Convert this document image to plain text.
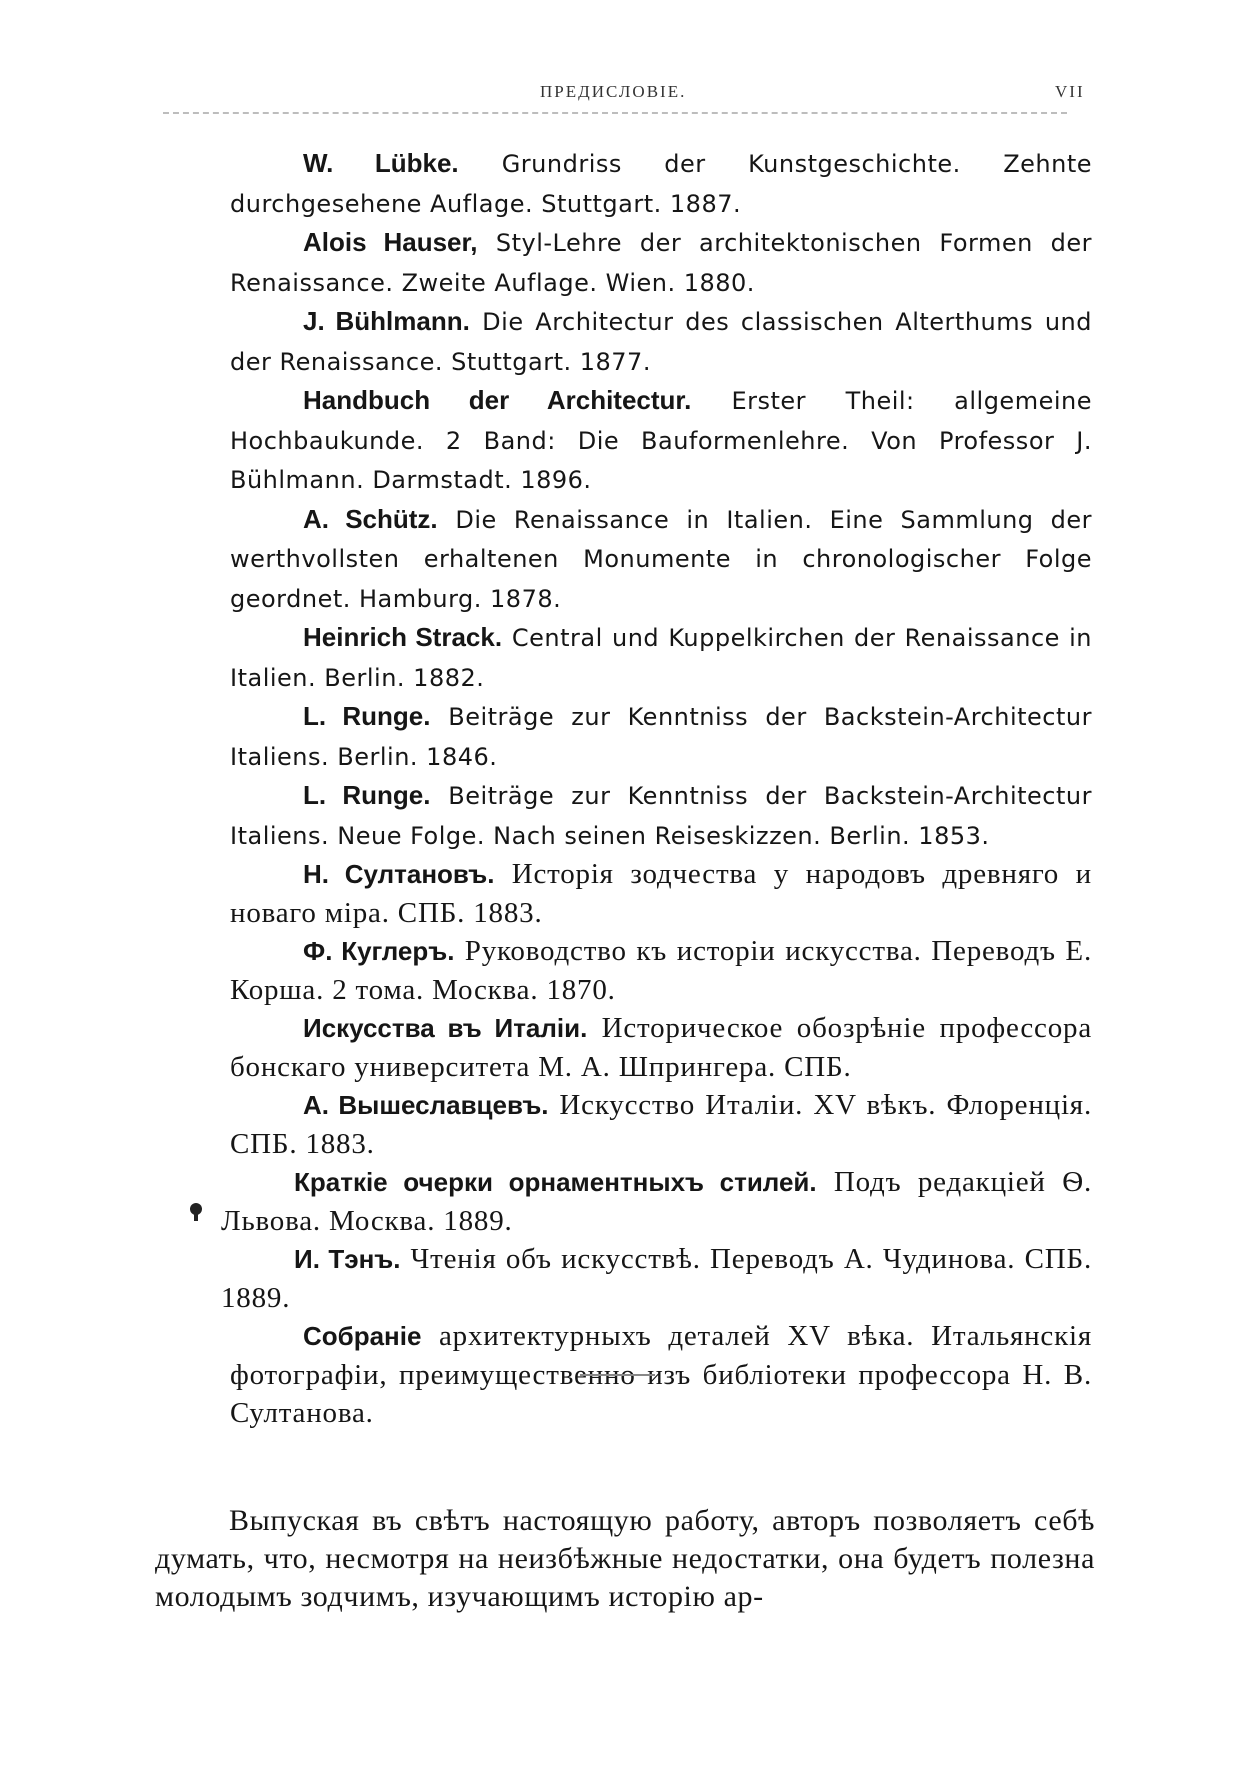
ПРЕДИСЛОВІЕ.	VII

W. Lübke. Grundriss der Kunstgeschichte. Zehnte durchgesehene Auflage. Stuttgart. 1887.

Alois Hauser, Styl-Lehre der architektonischen Formen der Renaissance. Zweite Auflage. Wien. 1880.

J. Bühlmann. Die Architectur des classischen Alterthums und der Renaissance. Stuttgart. 1877.

Handbuch der Architectur. Erster Theil: allgemeine Hochbaukunde. 2 Band: Die Bauformenlehre. Von Professor J. Bühlmann. Darmstadt. 1896.

A. Schütz. Die Renaissance in Italien. Eine Sammlung der werthvollsten erhaltenen Monumente in chronologischer Folge geordnet. Hamburg. 1878.

Heinrich Strack. Central und Kuppelkirchen der Renaissance in Italien. Berlin. 1882.

L. Runge. Beiträge zur Kenntniss der Backstein-Architectur Italiens. Berlin. 1846.

L. Runge. Beiträge zur Kenntniss der Backstein-Architectur Italiens. Neue Folge. Nach seinen Reiseskizzen. Berlin. 1853.

Н. Султановъ. Исторія зодчества у народовъ древняго и новаго міра. СПБ. 1883.

Ф. Куглеръ. Руководство къ исторіи искусства. Переводъ Е. Корша. 2 тома. Москва. 1870.

Искусства въ Италіи. Историческое обозрѣніе профессора бонскаго университета М. А. Шпрингера. СПБ.

А. Вышеславцевъ. Искусство Италіи. XV вѣкъ. Флоренція. СПБ. 1883.

Краткіе очерки орнаментныхъ стилей. Подъ редакціей Ѳ. Львова. Москва. 1889.

И. Тэнъ. Чтенія объ искусствѣ. Переводъ А. Чудинова. СПБ. 1889.

Собраніе архитектурныхъ деталей XV вѣка. Итальянскія фотографіи, преимущественно изъ библіотеки профессора Н. В. Султанова.

Выпуская въ свѣтъ настоящую работу, авторъ позволяетъ себѣ думать, что, несмотря на неизбѣжные недостатки, она будетъ полезна молодымъ зодчимъ, изучающимъ исторію ар-
